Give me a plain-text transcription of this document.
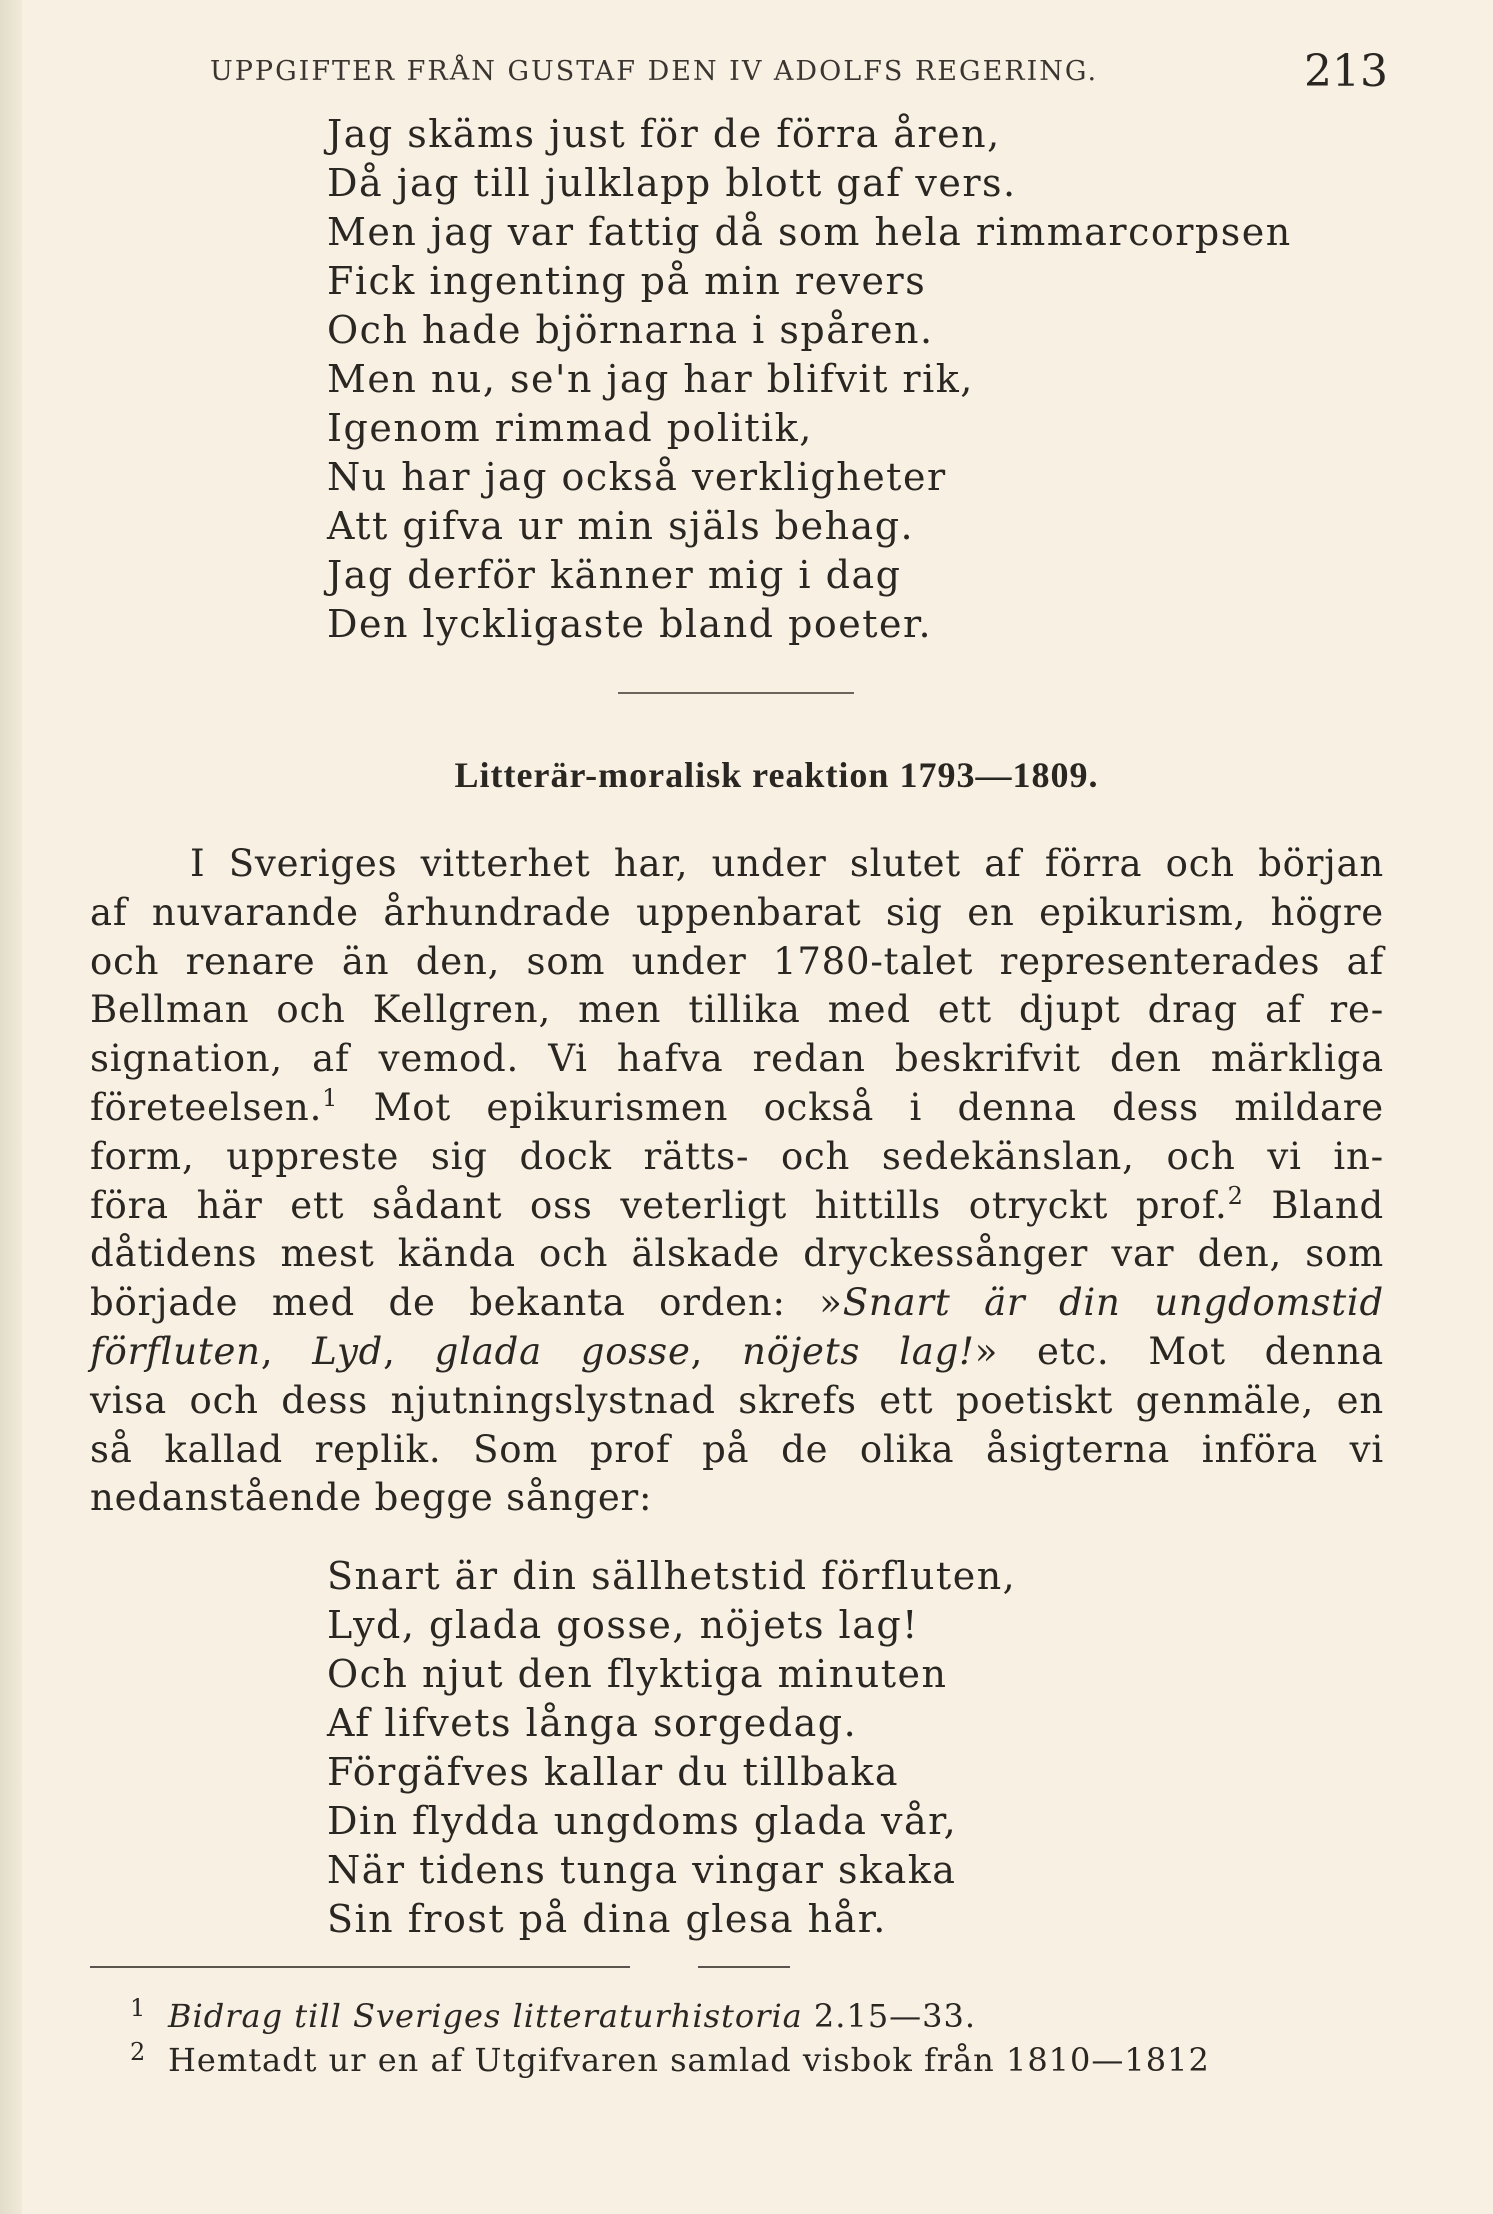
UPPGIFTER FRÅN GUSTAF DEN IV ADOLFS REGERING.	213
Jag skäms just för de förra åren,
Då jag till julklapp blott gaf vers.
Men jag var fattig då som hela rimmarcorpsen
Fick ingenting på min revers
Och hade björnarna i spåren.
Men nu, se'n jag har blifvit rik,
Igenom rimmad politik,
Nu har jag också verkligheter
Att gifva ur min själs behag.
Jag derför känner mig i dag
Den lyckligaste bland poeter.
Litterär-moralisk reaktion 1793—1809.
I Sveriges vitterhet har, under slutet af förra och början
af nuvarande århundrade uppenbarat sig en epikurism, högre
och renare än den, som under 1780-talet representerades af
Bellman och Kellgren, men tillika med ett djupt drag af re-
signation, af vemod. Vi hafva redan beskrifvit den märkliga
företeelsen.$^1$ Mot epikurismen också i denna dess mildare
form, uppreste sig dock rätts- och sedekänslan, och vi in-
föra här ett sådant oss veterligt hittills otryckt prof.$^2$ Bland
dåtidens mest kända och älskade dryckessånger var den, som
började med de bekanta orden: »Snart är din ungdomstid
förfluten, Lyd, glada gosse, nöjets lag!» etc. Mot denna
visa och dess njutningslystnad skrefs ett poetiskt genmäle, en
så kallad replik. Som prof på de olika åsigterna införa vi
nedanstående begge sånger:
Snart är din sällhetstid förfluten,
Lyd, glada gosse, nöjets lag!
Och njut den flyktiga minuten
Af lifvets långa sorgedag.
Förgäfves kallar du tillbaka
Din flydda ungdoms glada vår,
När tidens tunga vingar skaka
Sin frost på dina glesa hår.
1 Bidrag till Sveriges litteraturhistoria 2.15—33.
2 Hemtadt ur en af Utgifvaren samlad visbok från 1810—1812
